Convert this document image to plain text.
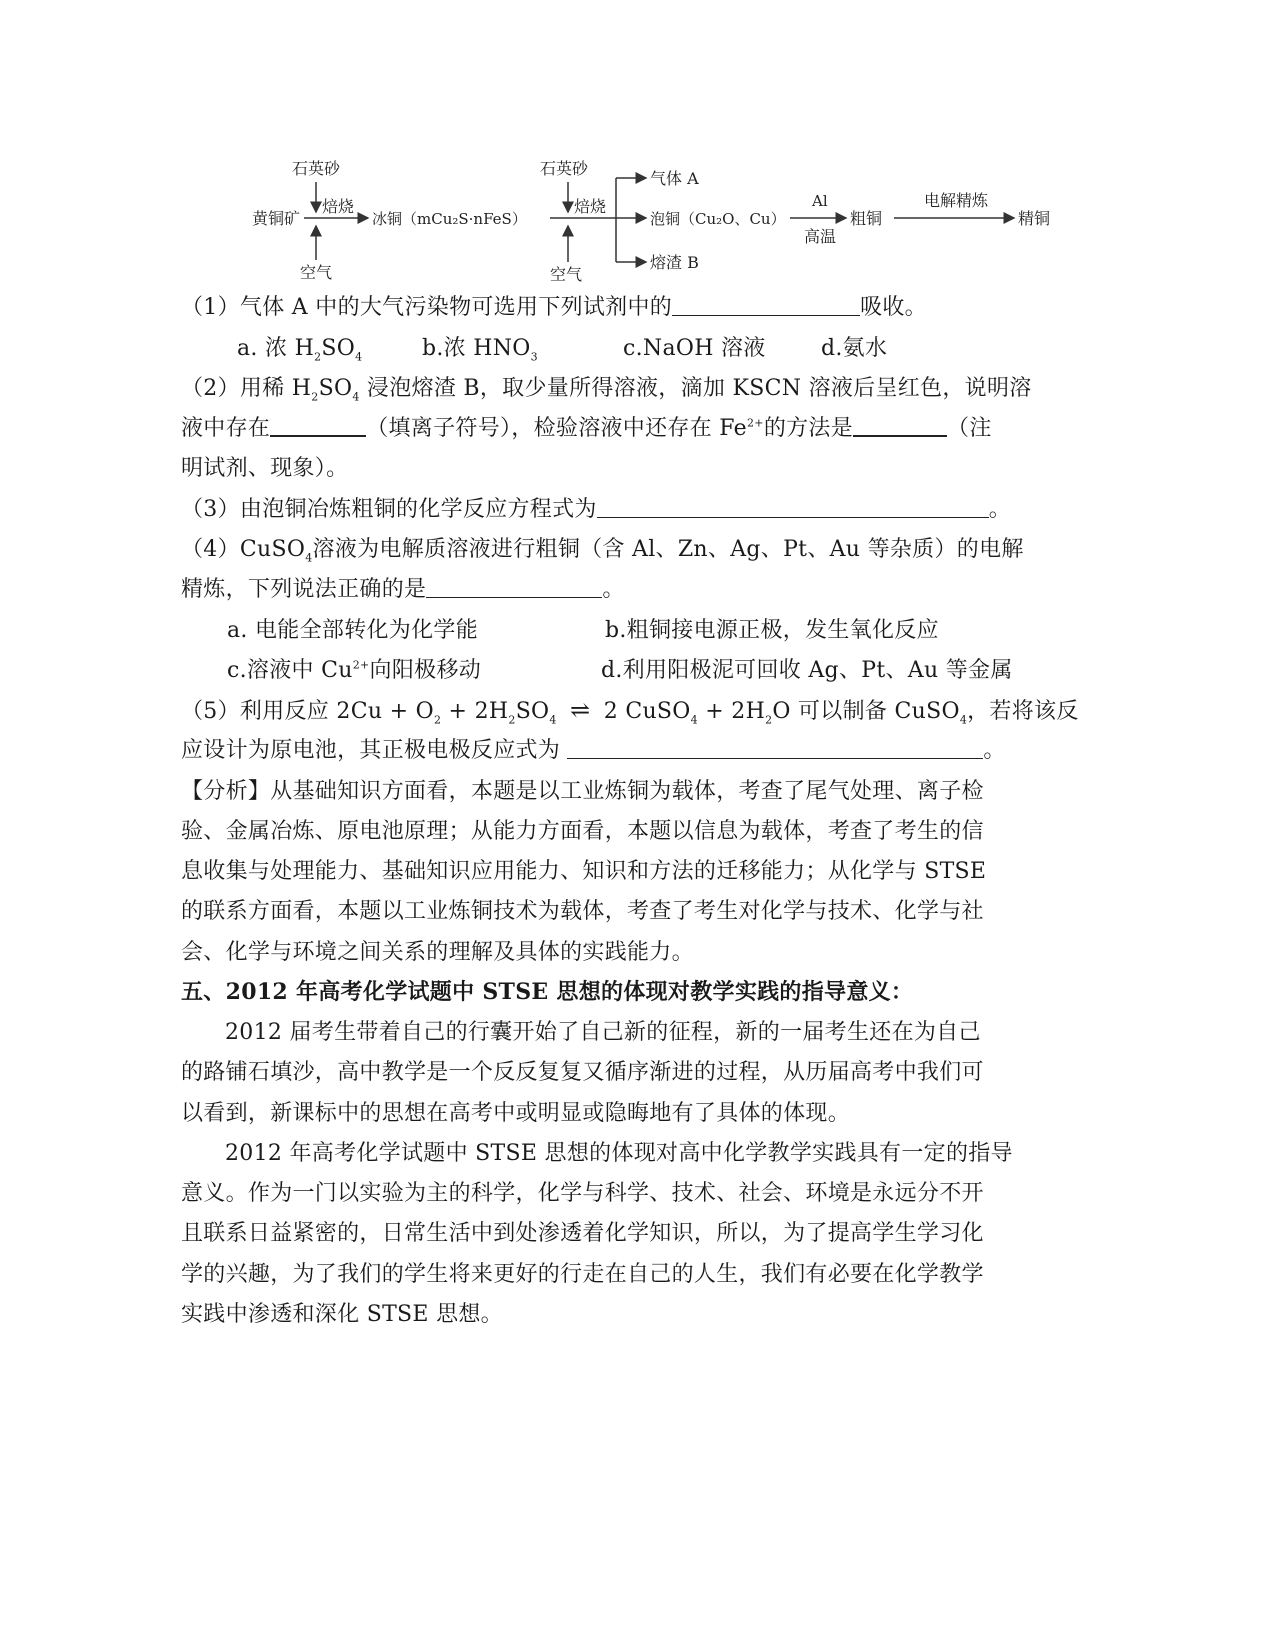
石英砂
焙烧
黄铜矿
空气
冰铜（mCu₂S·nFeS）
石英砂
焙烧
空气
气体 A
泡铜（Cu₂O、Cu）
熔渣 B
Al
高温
粗铜
电解精炼
精铜
（1）气体 A 中的大气污染物可选用下列试剂中的	吸收。
a. 浓 $H_2SO_4$	b.浓 $HNO_3$	c.NaOH 溶液	d.氨水
（2）用稀 $H_2SO_4$ 浸泡熔渣 B，取少量所得溶液，滴加 KSCN 溶液后呈红色，说明溶
液中存在	（填离子符号），检验溶液中还存在 $Fe^{2+}$的方法是	（注
明试剂、现象）。
（3）由泡铜冶炼粗铜的化学反应方程式为	。
（4）CuSO$_4$溶液为电解质溶液进行粗铜（含 Al、Zn、Ag、Pt、Au 等杂质）的电解
精炼，下列说法正确的是	。
a. 电能全部转化为化学能	b.粗铜接电源正极，发生氧化反应
c.溶液中 $Cu^{2+}$向阳极移动	d.利用阳极泥可回收 Ag、Pt、Au 等金属
（5）利用反应 $2Cu + O_2 + 2H_2SO_4$ ⇌ 2 CuSO$_4$ + $2H_2O$ 可以制备 CuSO$_4$，若将该反
应设计为原电池，其正极电极反应式为	。
【分析】从基础知识方面看，本题是以工业炼铜为载体，考查了尾气处理、离子检
验、金属冶炼、原电池原理；从能力方面看，本题以信息为载体，考查了考生的信
息收集与处理能力、基础知识应用能力、知识和方法的迁移能力；从化学与 STSE
的联系方面看，本题以工业炼铜技术为载体，考查了考生对化学与技术、化学与社
会、化学与环境之间关系的理解及具体的实践能力。
五、2012 年高考化学试题中 STSE 思想的体现对教学实践的指导意义：
2012 届考生带着自己的行囊开始了自己新的征程，新的一届考生还在为自己
的路铺石填沙，高中教学是一个反反复复又循序渐进的过程，从历届高考中我们可
以看到，新课标中的思想在高考中或明显或隐晦地有了具体的体现。
2012 年高考化学试题中 STSE 思想的体现对高中化学教学实践具有一定的指导
意义。作为一门以实验为主的科学，化学与科学、技术、社会、环境是永远分不开
且联系日益紧密的，日常生活中到处渗透着化学知识，所以，为了提高学生学习化
学的兴趣，为了我们的学生将来更好的行走在自己的人生，我们有必要在化学教学
实践中渗透和深化 STSE 思想。
